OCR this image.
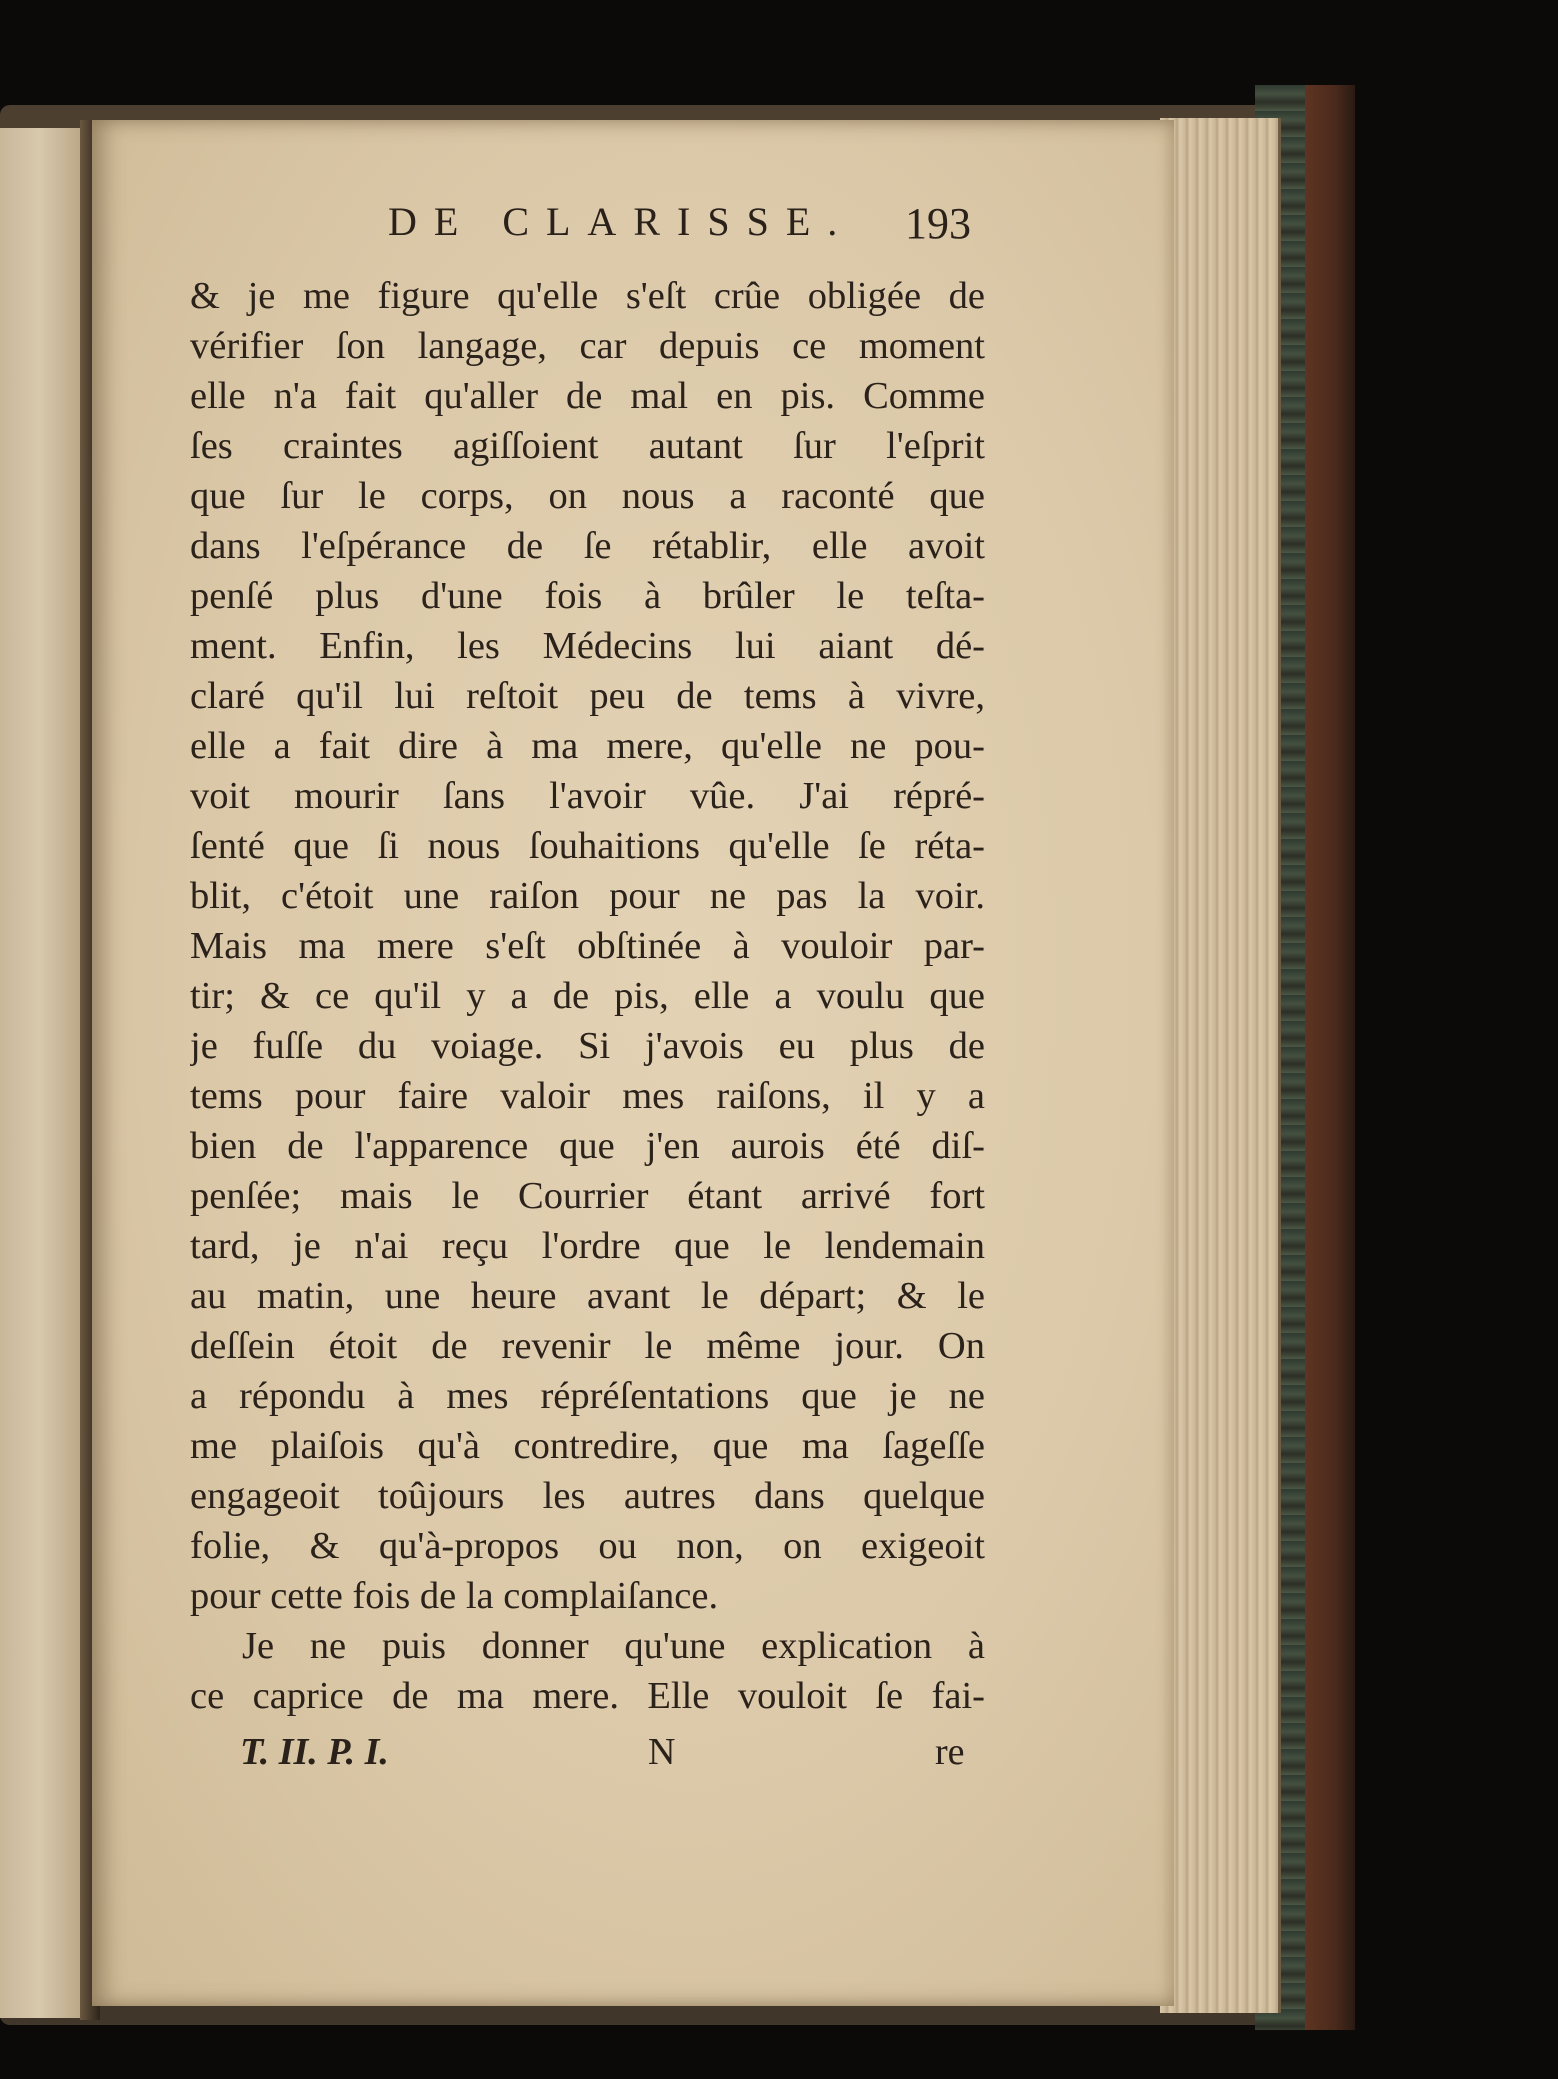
DE CLARISSE. 193
& je me figure qu'elle s'eſt crûe obligée de
vérifier ſon langage, car depuis ce moment
elle n'a fait qu'aller de mal en pis. Comme
ſes craintes agiſſoient autant ſur l'eſprit
que ſur le corps, on nous a raconté que
dans l'eſpérance de ſe rétablir, elle avoit
penſé plus d'une fois à brûler le teſta-
ment. Enfin, les Médecins lui aiant dé-
claré qu'il lui reſtoit peu de tems à vivre,
elle a fait dire à ma mere, qu'elle ne pou-
voit mourir ſans l'avoir vûe. J'ai répré-
ſenté que ſi nous ſouhaitions qu'elle ſe réta-
blit, c'étoit une raiſon pour ne pas la voir.
Mais ma mere s'eſt obſtinée à vouloir par-
tir; & ce qu'il y a de pis, elle a voulu que
je fuſſe du voiage. Si j'avois eu plus de
tems pour faire valoir mes raiſons, il y a
bien de l'apparence que j'en aurois été diſ-
penſée; mais le Courrier étant arrivé fort
tard, je n'ai reçu l'ordre que le lendemain
au matin, une heure avant le départ; & le
deſſein étoit de revenir le même jour. On
a répondu à mes répréſentations que je ne
me plaiſois qu'à contredire, que ma ſageſſe
engageoit toûjours les autres dans quelque
folie, & qu'à-propos ou non, on exigeoit
pour cette fois de la complaiſance.
Je ne puis donner qu'une explication à
ce caprice de ma mere. Elle vouloit ſe fai-
T. II. P. I.	N	re
